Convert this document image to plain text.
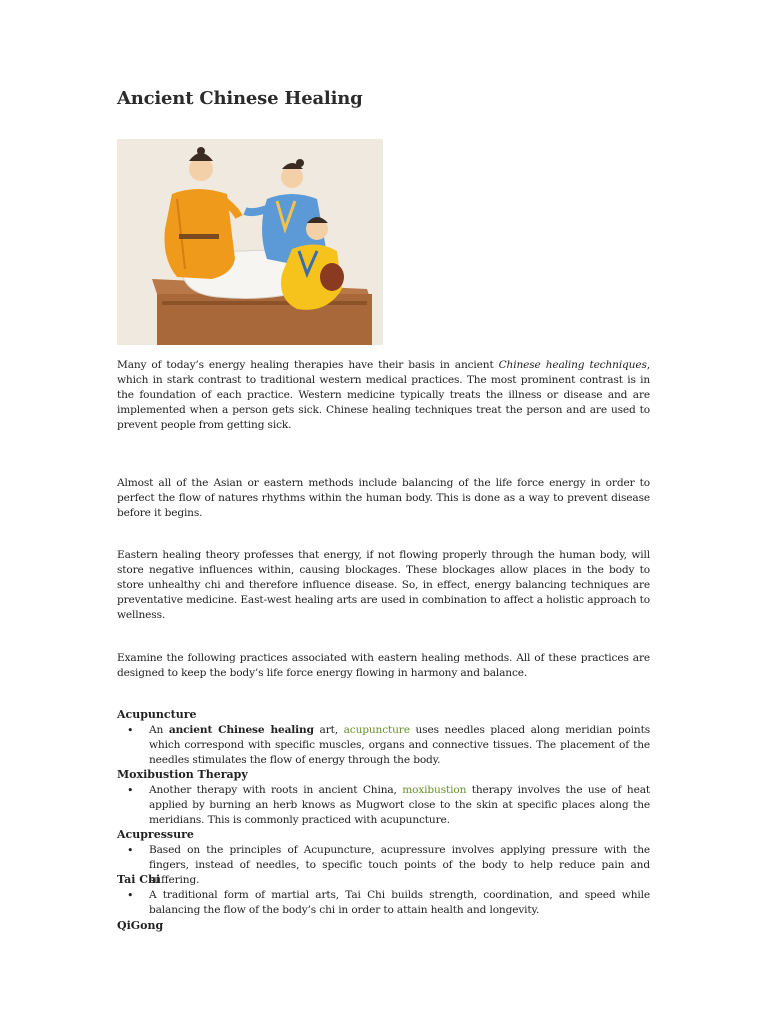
Ancient Chinese Healing

Many of today’s energy healing therapies have their basis in ancient Chinese healing techniques, which in stark contrast to traditional western medical practices. The most prominent contrast is in the foundation of each practice. Western medicine typically treats the illness or disease and are implemented when a person gets sick. Chinese healing techniques treat the person and are used to prevent people from getting sick.

Almost all of the Asian or eastern methods include balancing of the life force energy in order to perfect the flow of natures rhythms within the human body. This is done as a way to prevent disease before it begins.

Eastern healing theory professes that energy, if not flowing properly through the human body, will store negative influences within, causing blockages. These blockages allow places in the body to store unhealthy chi and therefore influence disease. So, in effect, energy balancing techniques are preventative medicine. East-west healing arts are used in combination to affect a holistic approach to wellness.

Examine the following practices associated with eastern healing methods. All of these practices are designed to keep the body’s life force energy flowing in harmony and balance.

Acupuncture

• An ancient Chinese healing art, acupuncture uses needles placed along meridian points which correspond with specific muscles, organs and connective tissues. The placement of the needles stimulates the flow of energy through the body.

Moxibustion Therapy

• Another therapy with roots in ancient China, moxibustion therapy involves the use of heat applied by burning an herb knows as Mugwort close to the skin at specific places along the meridians. This is commonly practiced with acupuncture.

Acupressure

• Based on the principles of Acupuncture, acupressure involves applying pressure with the fingers, instead of needles, to specific touch points of the body to help reduce pain and suffering.

Tai Chi

• A traditional form of martial arts, Tai Chi builds strength, coordination, and speed while balancing the flow of the body’s chi in order to attain health and longevity.

QiGong
